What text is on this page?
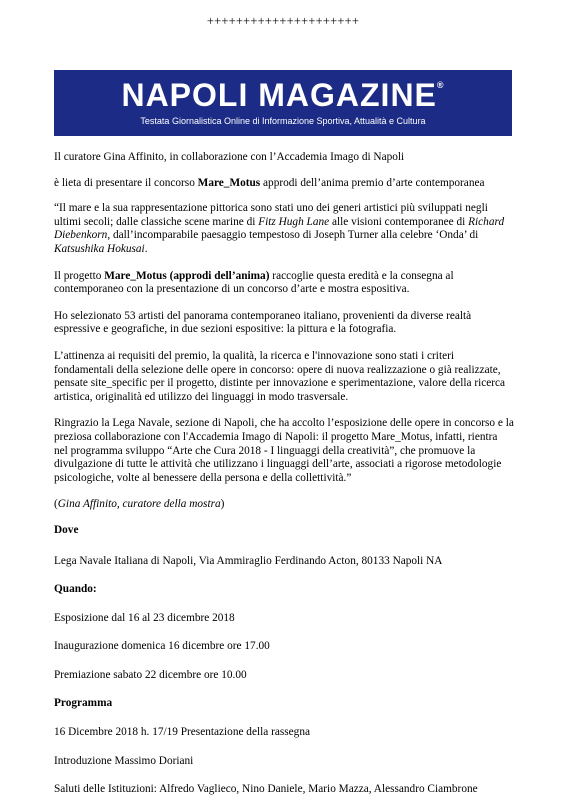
+++++++++++++++++++++
NAPOLI MAGAZINE®
Testata Giornalistica Online di Informazione Sportiva, Attualità e Cultura

Il curatore Gina Affinito, in collaborazione con l’Accademia Imago di Napoli

è lieta di presentare il concorso Mare_Motus approdi dell’anima premio d’arte contemporanea

“Il mare e la sua rappresentazione pittorica sono stati uno dei generi artistici più sviluppati negli ultimi secoli; dalle classiche scene marine di Fitz Hugh Lane alle visioni contemporanee di Richard Diebenkorn, dall’incomparabile paesaggio tempestoso di Joseph Turner alla celebre ‘Onda’ di Katsushika Hokusai.

Il progetto Mare_Motus (approdi dell’anima) raccoglie questa eredità e la consegna al contemporaneo con la presentazione di un concorso d’arte e mostra espositiva.

Ho selezionato 53 artisti del panorama contemporaneo italiano, provenienti da diverse realtà espressive e geografiche, in due sezioni espositive: la pittura e la fotografia.

L’attinenza ai requisiti del premio, la qualità, la ricerca e l'innovazione sono stati i criteri fondamentali della selezione delle opere in concorso: opere di nuova realizzazione o già realizzate, pensate site_specific per il progetto, distinte per innovazione e sperimentazione, valore della ricerca artistica, originalità ed utilizzo dei linguaggi in modo trasversale.

Ringrazio la Lega Navale, sezione di Napoli, che ha accolto l’esposizione delle opere in concorso e la preziosa collaborazione con l'Accademia Imago di Napoli: il progetto Mare_Motus, infatti, rientra nel programma sviluppo “Arte che Cura 2018 - I linguaggi della creatività”, che promuove la divulgazione di tutte le attività che utilizzano i linguaggi dell’arte, associati a rigorose metodologie psicologiche, volte al benessere della persona e della collettività.”

(Gina Affinito, curatore della mostra)

Dove

Lega Navale Italiana di Napoli, Via Ammiraglio Ferdinando Acton, 80133 Napoli NA

Quando:

Esposizione dal 16 al 23 dicembre 2018

Inaugurazione domenica 16 dicembre ore 17.00

Premiazione sabato 22 dicembre ore 10.00

Programma

16 Dicembre 2018 h. 17/19 Presentazione della rassegna

Introduzione Massimo Doriani

Saluti delle Istituzioni: Alfredo Vaglieco, Nino Daniele, Mario Mazza, Alessandro Ciambrone
